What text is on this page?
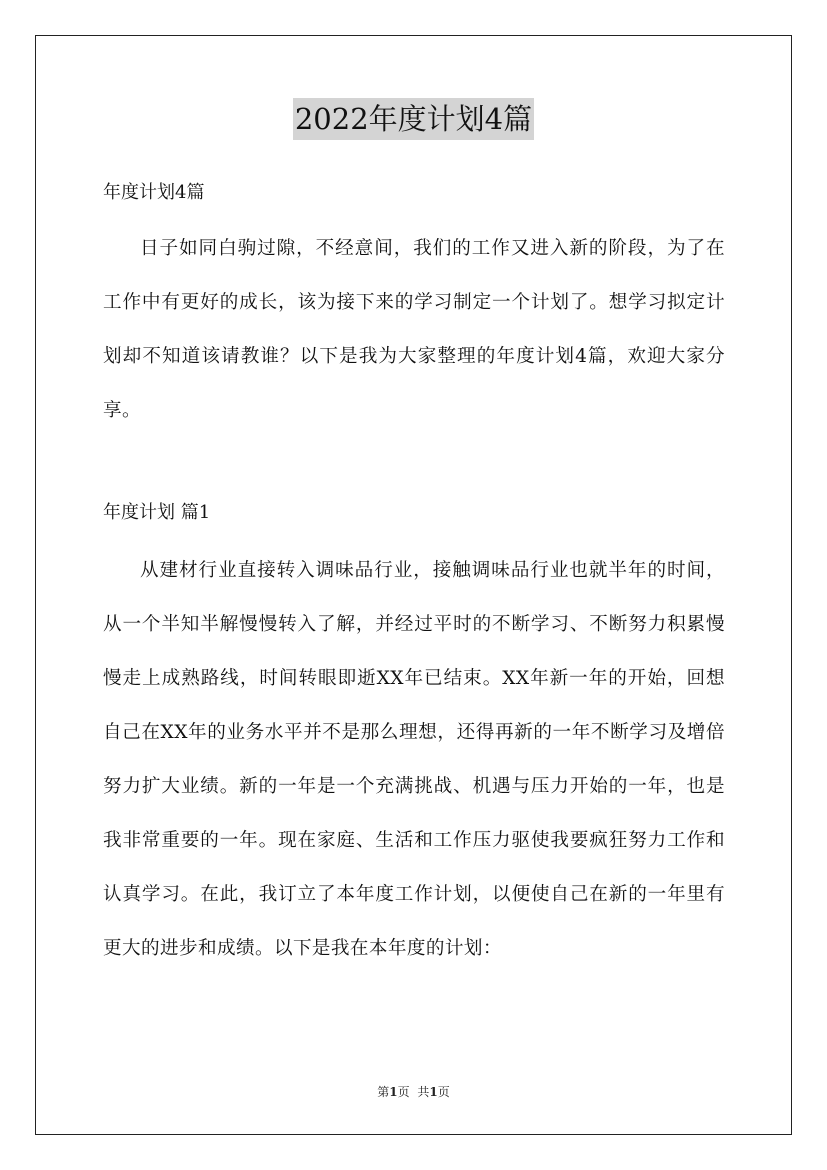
2022年度计划4篇

年度计划4篇

日子如同白驹过隙，不经意间，我们的工作又进入新的阶段，为了在工作中有更好的成长，该为接下来的学习制定一个计划了。想学习拟定计划却不知道该请教谁？以下是我为大家整理的年度计划4篇，欢迎大家分享。

年度计划 篇1

从建材行业直接转入调味品行业，接触调味品行业也就半年的时间，从一个半知半解慢慢转入了解，并经过平时的不断学习、不断努力积累慢慢走上成熟路线，时间转眼即逝XX年已结束。XX年新一年的开始，回想自己在XX年的业务水平并不是那么理想，还得再新的一年不断学习及增倍努力扩大业绩。新的一年是一个充满挑战、机遇与压力开始的一年，也是我非常重要的一年。现在家庭、生活和工作压力驱使我要疯狂努力工作和认真学习。在此，我订立了本年度工作计划，以便使自己在新的一年里有更大的进步和成绩。以下是我在本年度的计划：

第1页 共1页
